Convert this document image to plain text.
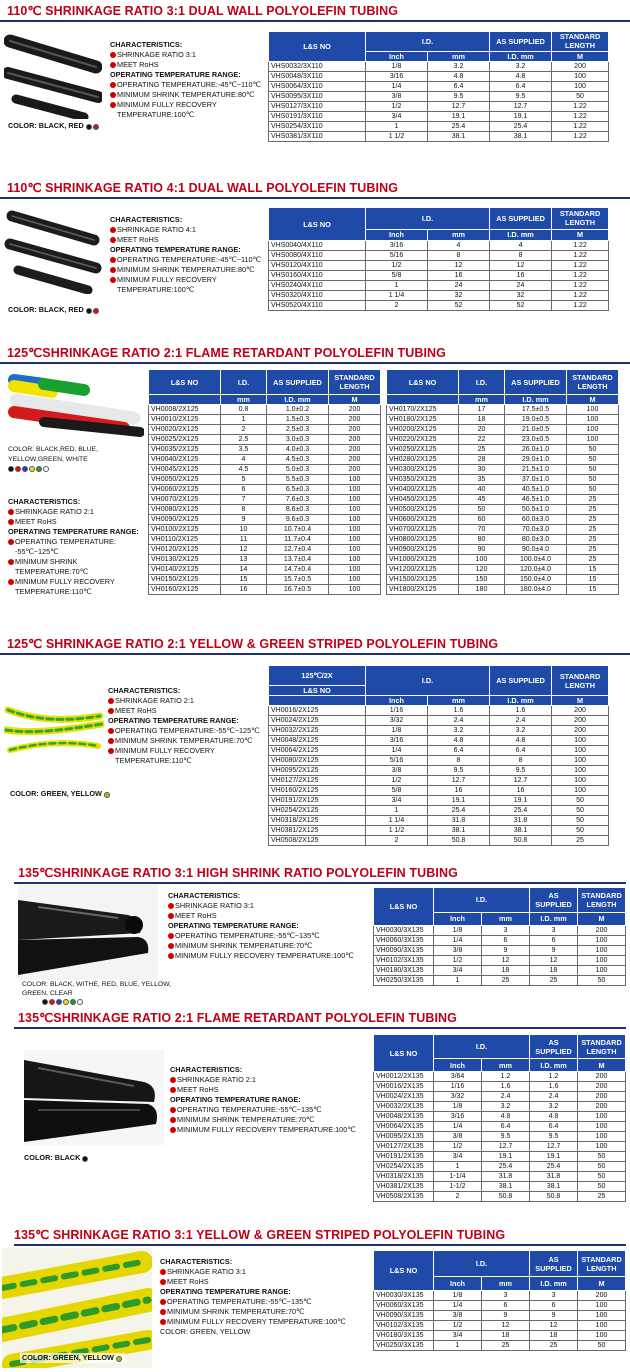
110℃ SHRINKAGE RATIO 3:1 DUAL WALL POLYOLEFIN TUBING
CHARACTERISTICS:
SHRINKAGE RATIO 3:1
MEET RoHS
OPERATING TEMPERATURE RANGE:
OPERATING TEMPERATURE:-45℃~110℃
MINIMUM SHRINK TEMPERATURE:80℃
MINIMUM FULLY RECOVERY TEMPERATURE:100℃
COLOR: BLACK, RED
L&S NO	I.D.		AS SUPPLIED	STANDARD LENGTH
	Inch	mm	I.D. mm	M
VHS0032/3X110	1/8	3.2	3.2	200
VHS0048/3X110	3/16	4.8	4.8	100
VHS0064/3X110	1/4	6.4	6.4	100
VHS0095/3X110	3/8	9.5	9.5	50
VHS0127/3X110	1/2	12.7	12.7	1.22
VHS0191/3X110	3/4	19.1	19.1	1.22
VHS0254/3X110	1	25.4	25.4	1.22
VHS0381/3X110	1 1/2	38.1	38.1	1.22
110℃ SHRINKAGE RATIO 4:1 DUAL WALL POLYOLEFIN TUBING
CHARACTERISTICS:
SHRINKAGE RATIO 4:1
MEET RoHS
OPERATING TEMPERATURE RANGE:
OPERATING TEMPERATURE:-45℃~110℃
MINIMUM SHRINK TEMPERATURE:80℃
MINIMUM FULLY RECOVERY TEMPERATURE:100℃
COLOR: BLACK, RED
L&S NO	I.D.		AS SUPPLIED	STANDARD LENGTH
	Inch	mm	I.D. mm	M
VHS0040/4X110	3/16	4	4	1.22
VHS0080/4X110	5/16	8	8	1.22
VHS0120/4X110	1/2	12	12	1.22
VHS0160/4X110	5/8	16	16	1.22
VHS0240/4X110	1	24	24	1.22
VHS0320/4X110	1 1/4	32	32	1.22
VHS0520/4X110	2	52	52	1.22
125℃SHRINKAGE RATIO 2:1 FLAME RETARDANT POLYOLEFIN TUBING
COLOR: BLACK,RED, BLUE, YELLOW,GREEN, WHITE
CHARACTERISTICS:
SHRINKAGE RATIO 2:1
MEET RoHS
OPERATING TEMPERATURE RANGE:
OPERATING TEMPERATURE: -55℃~125℃
MINIMUM SHRINK TEMPERATURE:70℃
MINIMUM FULLY RECOVERY TEMPERATURE:110℃
L&S NO	I.D.	AS SUPPLIED	STANDARD LENGTH
	mm	I.D. mm	M
VH0008/2X125	0.8	1.0±0.2	200
VH0010/2X125	1	1.5±0.3	200
VH0020/2X125	2	2.5±0.3	200
VH0025/2X125	2.5	3.0±0.3	200
VH0035/2X125	3.5	4.0±0.3	200
VH0040/2X125	4	4.5±0.3	200
VH0045/2X125	4.5	5.0±0.3	200
VH0050/2X125	5	5.5±0.3	100
VH0060/2X125	6	6.5±0.3	100
VH0070/2X125	7	7.6±0.3	100
VH0080/2X125	8	8.6±0.3	100
VH0090/2X125	9	9.6±0.3	100
VH0100/2X125	10	10.7±0.4	100
VH0110/2X125	11	11.7±0.4	100
VH0120/2X125	12	12.7±0.4	100
VH0130/2X125	13	13.7±0.4	100
VH0140/2X125	14	14.7±0.4	100
VH0150/2X125	15	15.7±0.5	100
VH0160/2X125	16	16.7±0.5	100
L&S NO	I.D.	AS SUPPLIED	STANDARD LENGTH
	mm	I.D. mm	M
VH0170/2X125	17	17.5±0.5	100
VH0180/2X125	18	19.0±0.5	100
VH0200/2X125	20	21.0±0.5	100
VH0220/2X125	22	23.0±0.5	100
VH0250/2X125	25	26.0±1.0	50
VH0280/2X125	28	29.0±1.0	50
VH0300/2X125	30	21.5±1.0	50
VH0350/2X125	35	37.0±1.0	50
VH0400/2X125	40	40.5±1.0	50
VH0450/2X125	45	46.5±1.0	25
VH0500/2X125	50	50.5±1.0	25
VH0600/2X125	60	60.0±3.0	25
VH0700/2X125	70	70.0±3.0	25
VH0800/2X125	80	80.0±3.0	25
VH0900/2X125	90	90.0±4.0	25
VH1000/2X125	100	100.0±4.0	25
VH1200/2X125	120	120.0±4.0	15
VH1500/2X125	150	150.0±4.0	15
VH1800/2X125	180	180.0±4.0	15
125℃ SHRINKAGE RATIO 2:1 YELLOW & GREEN STRIPED POLYOLEFIN TUBING
CHARACTERISTICS:
SHRINKAGE RATIO 2:1
MEET RoHS
OPERATING TEMPERATURE RANGE:
OPERATING TEMPERATURE:-55℃~125℃
MINIMUM SHRINK TEMPERATURE:70℃
MINIMUM FULLY RECOVERY TEMPERATURE:110℃
COLOR: GREEN, YELLOW
125℃/2X	I.D.		AS SUPPLIED	STANDARD LENGTH
L&S NO				
	Inch	mm	I.D. mm	M
VH0016/2X125	1/16	1.6	1.6	200
VH0024/2X125	3/32	2.4	2.4	200
VH0032/2X125	1/8	3.2	3.2	200
VH0048/2X125	3/16	4.8	4.8	100
VH0064/2X125	1/4	6.4	6.4	100
VH0080/2X125	5/16	8	8	100
VH0095/2X125	3/8	9.5	9.5	100
VH0127/2X125	1/2	12.7	12.7	100
VH0160/2X125	5/8	16	16	100
VH0191/2X125	3/4	19.1	19.1	50
VH0254/2X125	1	25.4	25.4	50
VH0318/2X125	1 1/4	31.8	31.8	50
VH0381/2X125	1 1/2	38.1	38.1	50
VH0508/2X125	2	50.8	50.8	25
135℃SHRINKAGE RATIO 3:1 HIGH SHRINK RATIO POLYOLEFIN TUBING
CHARACTERISTICS:
SHRINKAGE RATIO 3:1
MEET RoHS
OPERATING TEMPERATURE RANGE:
OPERATING TEMPERATURE:-55℃~135℃
MINIMUM SHRINK TEMPERATURE:70℃
MINIMUM FULLY RECOVERY TEMPERATURE:100℃
COLOR: BLACK, WITHE, RED, BLUE, YELLOW, GREEN, CLEAR
L&S NO	I.D.		AS SUPPLIED	STANDARD LENGTH
	Inch	mm	I.D. mm	M
VH0030/3X135	1/8	3	3	200
VH0060/3X135	1/4	6	6	100
VH0090/3X135	3/8	9	9	100
VH0102/3X135	1/2	12	12	100
VH0180/3X135	3/4	18	18	100
VH0250/3X135	1	25	25	50
135℃SHRINKAGE RATIO 2:1 FLAME RETARDANT POLYOLEFIN TUBING
CHARACTERISTICS:
SHRINKAGE RATIO 2:1
MEET RoHS
OPERATING TEMPERATURE RANGE:
OPERATING TEMPERATURE:-55℃~135℃
MINIMUM SHRINK TEMPERATURE:70℃
MINIMUM FULLY RECOVERY TEMPERATURE:100℃
COLOR: BLACK
L&S NO	I.D.		AS SUPPLIED	STANDARD LENGTH
	Inch	mm	I.D. mm	M
VH0012/2X135	3/64	1.2	1.2	200
VH0016/2X135	1/16	1.6	1.6	200
VH0024/2X135	3/32	2.4	2.4	200
VH0032/2X135	1/8	3.2	3.2	200
VH0048/2X135	3/16	4.8	4.8	100
VH0064/2X135	1/4	6.4	6.4	100
VH0095/2X135	3/8	9.5	9.5	100
VH0127/2X135	1/2	12.7	12.7	100
VH0191/2X135	3/4	19.1	19.1	50
VH0254/2X135	1	25.4	25.4	50
VH0318/2X135	1-1/4	31.8	31.8	50
VH0381/2X135	1-1/2	38.1	38.1	50
VH0508/2X135	2	50.8	50.8	25
135℃ SHRINKAGE RATIO 3:1 YELLOW & GREEN STRIPED POLYOLEFIN TUBING
CHARACTERISTICS:
SHRINKAGE RATIO 3:1
MEET RoHS
OPERATING TEMPERATURE RANGE:
OPERATING TEMPERATURE:-55℃~135℃
MINIMUM SHRINK TEMPERATURE:70℃
MINIMUM FULLY RECOVERY TEMPERATURE:100℃
COLOR: GREEN, YELLOW
COLOR: GREEN, YELLOW
L&S NO	I.D.		AS SUPPLIED	STANDARD LENGTH
	Inch	mm	I.D. mm	M
VH0030/3X135	1/8	3	3	200
VH0060/3X135	1/4	6	6	100
VH0090/3X135	3/8	9	9	100
VH0102/3X135	1/2	12	12	100
VH0180/3X135	3/4	18	18	100
VH0250/3X135	1	25	25	50
